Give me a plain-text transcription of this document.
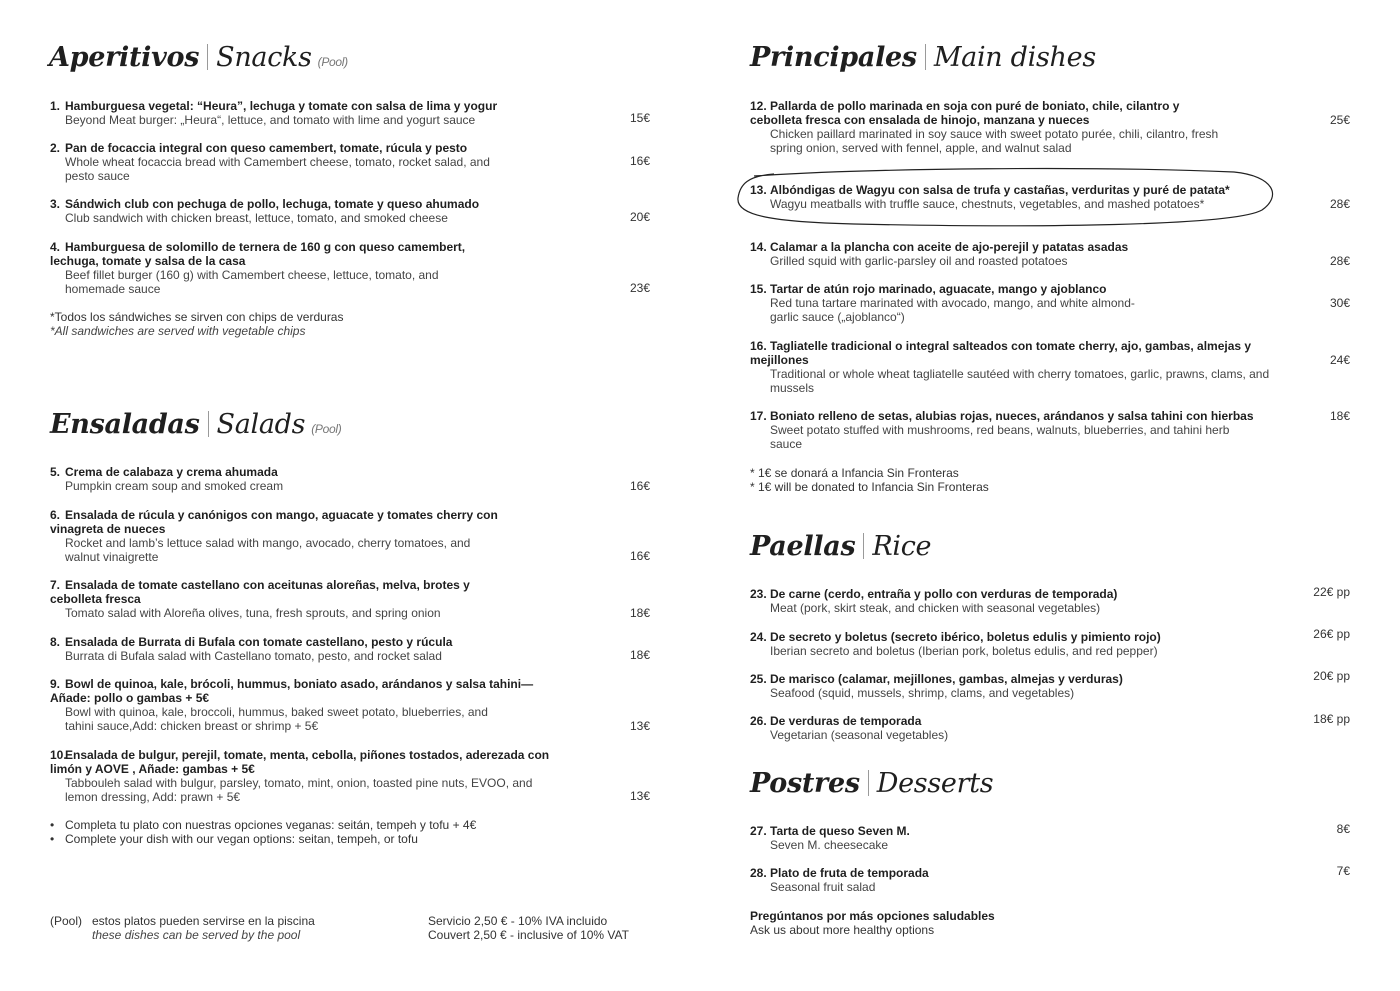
Aperitivos Snacks (Pool)
1. Hamburguesa vegetal: “Heura”, lechuga y tomate con salsa de lima y yogur
Beyond Meat burger: „Heura“, lettuce, and tomato with lime and yogurt sauce	15€
2. Pan de focaccia integral con queso camembert, tomate, rúcula y pesto
Whole wheat focaccia bread with Camembert cheese, tomato, rocket salad, and pesto sauce
16€
3. Sándwich club con pechuga de pollo, lechuga, tomate y queso ahumado
Club sandwich with chicken breast, lettuce, tomato, and smoked cheese	20€
4. Hamburguesa de solomillo de ternera de 160 g con queso camembert, lechuga, tomate y salsa de la casa
Beef fillet burger (160 g) with Camembert cheese, lettuce, tomato, and homemade sauce	23€
*Todos los sándwiches se sirven con chips de verduras
*All sandwiches are served with vegetable chips
Ensaladas Salads (Pool)
5. Crema de calabaza y crema ahumada
Pumpkin cream soup and smoked cream	16€
6. Ensalada de rúcula y canónigos con mango, aguacate y tomates cherry con vinagreta de nueces
Rocket and lamb’s lettuce salad with mango, avocado, cherry tomatoes, and walnut vinaigrette	16€
7. Ensalada de tomate castellano con aceitunas aloreñas, melva, brotes y cebolleta fresca
Tomato salad with Aloreña olives, tuna, fresh sprouts, and spring onion	18€
8. Ensalada de Burrata di Bufala con tomate castellano, pesto y rúcula
Burrata di Bufala salad with Castellano tomato, pesto, and rocket salad	18€
9. Bowl de quinoa, kale, brócoli, hummus, boniato asado, arándanos y salsa tahini— Añade: pollo o gambas + 5€
Bowl with quinoa, kale, broccoli, hummus, baked sweet potato, blueberries, and tahini sauce,Add: chicken breast or shrimp + 5€	13€
10.Ensalada de bulgur, perejil, tomate, menta, cebolla, piñones tostados, aderezada con limón y AOVE , Añade: gambas + 5€
Tabbouleh salad with bulgur, parsley, tomato, mint, onion, toasted pine nuts, EVOO, and lemon dressing, Add: prawn + 5€	13€
• Completa tu plato con nuestras opciones veganas: seitán, tempeh y tofu + 4€
• Complete your dish with our vegan options: seitan, tempeh, or tofu
(Pool) estos platos pueden servirse en la piscina
these dishes can be served by the pool
Servicio 2,50 € - 10% IVA incluido
Couvert 2,50 € - inclusive of 10% VAT
Principales Main dishes
12. Pallarda de pollo marinada en soja con puré de boniato, chile, cilantro y cebolleta fresca con ensalada de hinojo, manzana y nueces
Chicken paillard marinated in soy sauce with sweet potato purée, chili, cilantro, fresh spring onion, served with fennel, apple, and walnut salad
25€
13. Albóndigas de Wagyu con salsa de trufa y castañas, verduritas y puré de patata*
Wagyu meatballs with truffle sauce, chestnuts, vegetables, and mashed potatoes*	28€
14. Calamar a la plancha con aceite de ajo-perejil y patatas asadas
Grilled squid with garlic-parsley oil and roasted potatoes	28€
15. Tartar de atún rojo marinado, aguacate, mango y ajoblanco
Red tuna tartare marinated with avocado, mango, and white almond-garlic sauce („ajoblanco“)
30€
16. Tagliatelle tradicional o integral salteados con tomate cherry, ajo, gambas, almejas y mejillones
Traditional or whole wheat tagliatelle sautéed with cherry tomatoes, garlic, prawns, clams, and mussels
24€
17. Boniato relleno de setas, alubias rojas, nueces, arándanos y salsa tahini con hierbas
Sweet potato stuffed with mushrooms, red beans, walnuts, blueberries, and tahini herb sauce
18€
* 1€ se donará a Infancia Sin Fronteras
* 1€ will be donated to Infancia Sin Fronteras
Paellas Rice
23. De carne (cerdo, entraña y pollo con verduras de temporada)
Meat (pork, skirt steak, and chicken with seasonal vegetables)
22€ pp
24. De secreto y boletus (secreto ibérico, boletus edulis y pimiento rojo)
Iberian secreto and boletus (Iberian pork, boletus edulis, and red pepper)
26€ pp
25. De marisco (calamar, mejillones, gambas, almejas y verduras)
Seafood (squid, mussels, shrimp, clams, and vegetables)
20€ pp
26. De verduras de temporada
Vegetarian (seasonal vegetables)
18€ pp
Postres Desserts
27. Tarta de queso Seven M.
Seven M. cheesecake
8€
28. Plato de fruta de temporada
Seasonal fruit salad
7€
Pregúntanos por más opciones saludables
Ask us about more healthy options
